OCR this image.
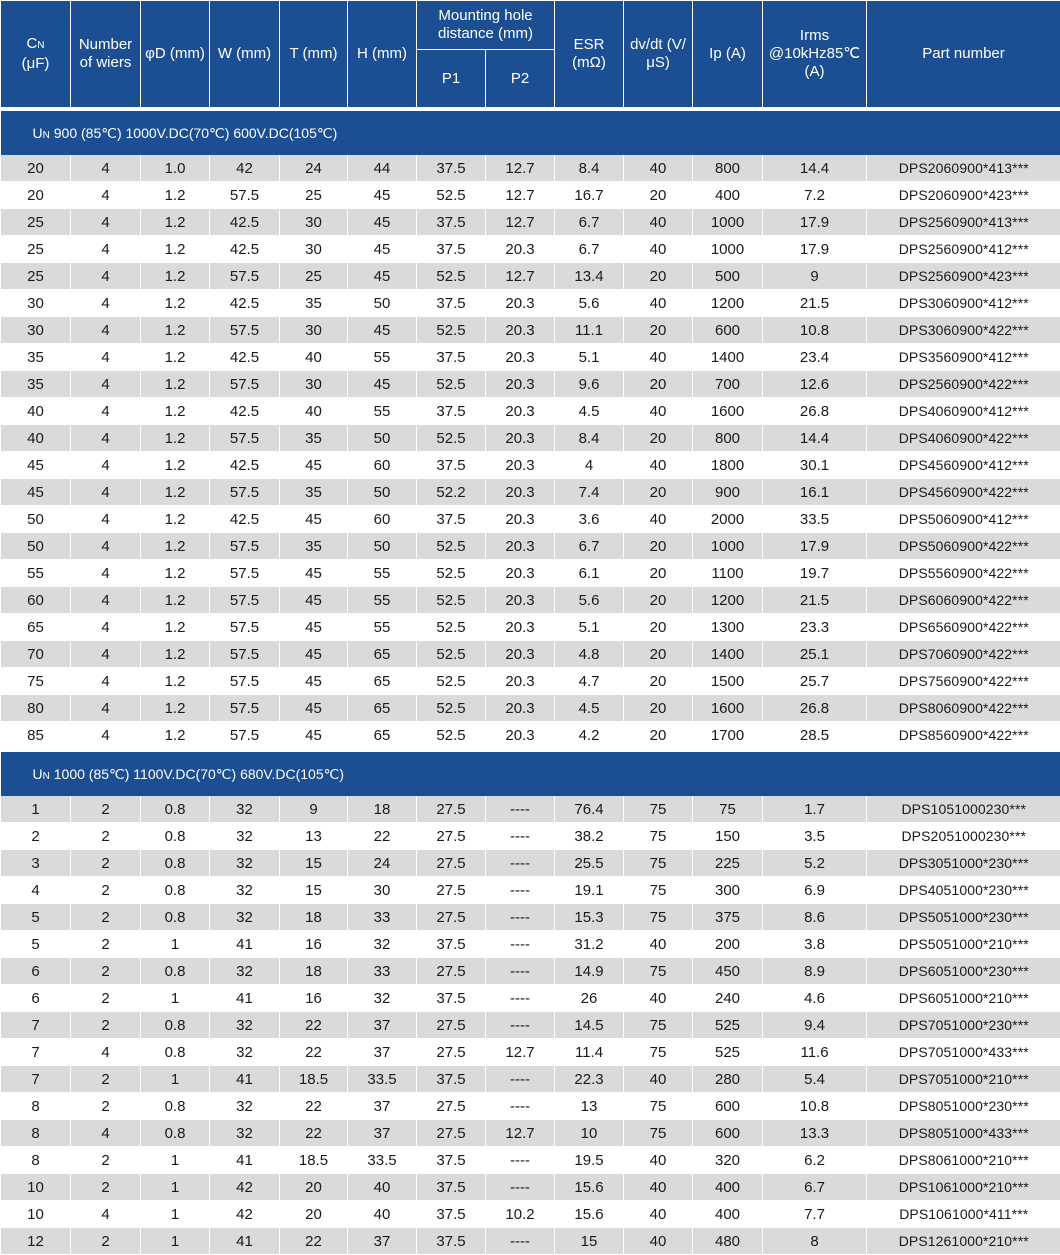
CN
(μF)	Number of wiers	φD (mm)	W (mm)	T (mm)	H (mm)	Mounting hole distance (mm)		ESR (mΩ)	dv/dt (V/μS)	Ip (A)	Irms @10kHz85℃ (A)	Part number
						P1	P2					
UN 900 (85℃) 1000V.DC(70℃) 600V.DC(105℃)												
20	4	1.0	42	24	44	37.5	12.7	8.4	40	800	14.4	DPS2060900*413***
20	4	1.2	57.5	25	45	52.5	12.7	16.7	20	400	7.2	DPS2060900*423***
25	4	1.2	42.5	30	45	37.5	12.7	6.7	40	1000	17.9	DPS2560900*413***
25	4	1.2	42.5	30	45	37.5	20.3	6.7	40	1000	17.9	DPS2560900*412***
25	4	1.2	57.5	25	45	52.5	12.7	13.4	20	500	9	DPS2560900*423***
30	4	1.2	42.5	35	50	37.5	20.3	5.6	40	1200	21.5	DPS3060900*412***
30	4	1.2	57.5	30	45	52.5	20.3	11.1	20	600	10.8	DPS3060900*422***
35	4	1.2	42.5	40	55	37.5	20.3	5.1	40	1400	23.4	DPS3560900*412***
35	4	1.2	57.5	30	45	52.5	20.3	9.6	20	700	12.6	DPS2560900*422***
40	4	1.2	42.5	40	55	37.5	20.3	4.5	40	1600	26.8	DPS4060900*412***
40	4	1.2	57.5	35	50	52.5	20.3	8.4	20	800	14.4	DPS4060900*422***
45	4	1.2	42.5	45	60	37.5	20.3	4	40	1800	30.1	DPS4560900*412***
45	4	1.2	57.5	35	50	52.2	20.3	7.4	20	900	16.1	DPS4560900*422***
50	4	1.2	42.5	45	60	37.5	20.3	3.6	40	2000	33.5	DPS5060900*412***
50	4	1.2	57.5	35	50	52.5	20.3	6.7	20	1000	17.9	DPS5060900*422***
55	4	1.2	57.5	45	55	52.5	20.3	6.1	20	1100	19.7	DPS5560900*422***
60	4	1.2	57.5	45	55	52.5	20.3	5.6	20	1200	21.5	DPS6060900*422***
65	4	1.2	57.5	45	55	52.5	20.3	5.1	20	1300	23.3	DPS6560900*422***
70	4	1.2	57.5	45	65	52.5	20.3	4.8	20	1400	25.1	DPS7060900*422***
75	4	1.2	57.5	45	65	52.5	20.3	4.7	20	1500	25.7	DPS7560900*422***
80	4	1.2	57.5	45	65	52.5	20.3	4.5	20	1600	26.8	DPS8060900*422***
85	4	1.2	57.5	45	65	52.5	20.3	4.2	20	1700	28.5	DPS8560900*422***
UN 1000 (85℃) 1100V.DC(70℃) 680V.DC(105℃)												
1	2	0.8	32	9	18	27.5	----	76.4	75	75	1.7	DPS1051000230***
2	2	0.8	32	13	22	27.5	----	38.2	75	150	3.5	DPS2051000230***
3	2	0.8	32	15	24	27.5	----	25.5	75	225	5.2	DPS3051000*230***
4	2	0.8	32	15	30	27.5	----	19.1	75	300	6.9	DPS4051000*230***
5	2	0.8	32	18	33	27.5	----	15.3	75	375	8.6	DPS5051000*230***
5	2	1	41	16	32	37.5	----	31.2	40	200	3.8	DPS5051000*210***
6	2	0.8	32	18	33	27.5	----	14.9	75	450	8.9	DPS6051000*230***
6	2	1	41	16	32	37.5	----	26	40	240	4.6	DPS6051000*210***
7	2	0.8	32	22	37	27.5	----	14.5	75	525	9.4	DPS7051000*230***
7	4	0.8	32	22	37	27.5	12.7	11.4	75	525	11.6	DPS7051000*433***
7	2	1	41	18.5	33.5	37.5	----	22.3	40	280	5.4	DPS7051000*210***
8	2	0.8	32	22	37	27.5	----	13	75	600	10.8	DPS8051000*230***
8	4	0.8	32	22	37	27.5	12.7	10	75	600	13.3	DPS8051000*433***
8	2	1	41	18.5	33.5	37.5	----	19.5	40	320	6.2	DPS8061000*210***
10	2	1	42	20	40	37.5	----	15.6	40	400	6.7	DPS1061000*210***
10	4	1	42	20	40	37.5	10.2	15.6	40	400	7.7	DPS1061000*411***
12	2	1	41	22	37	37.5	----	15	40	480	8	DPS1261000*210***
